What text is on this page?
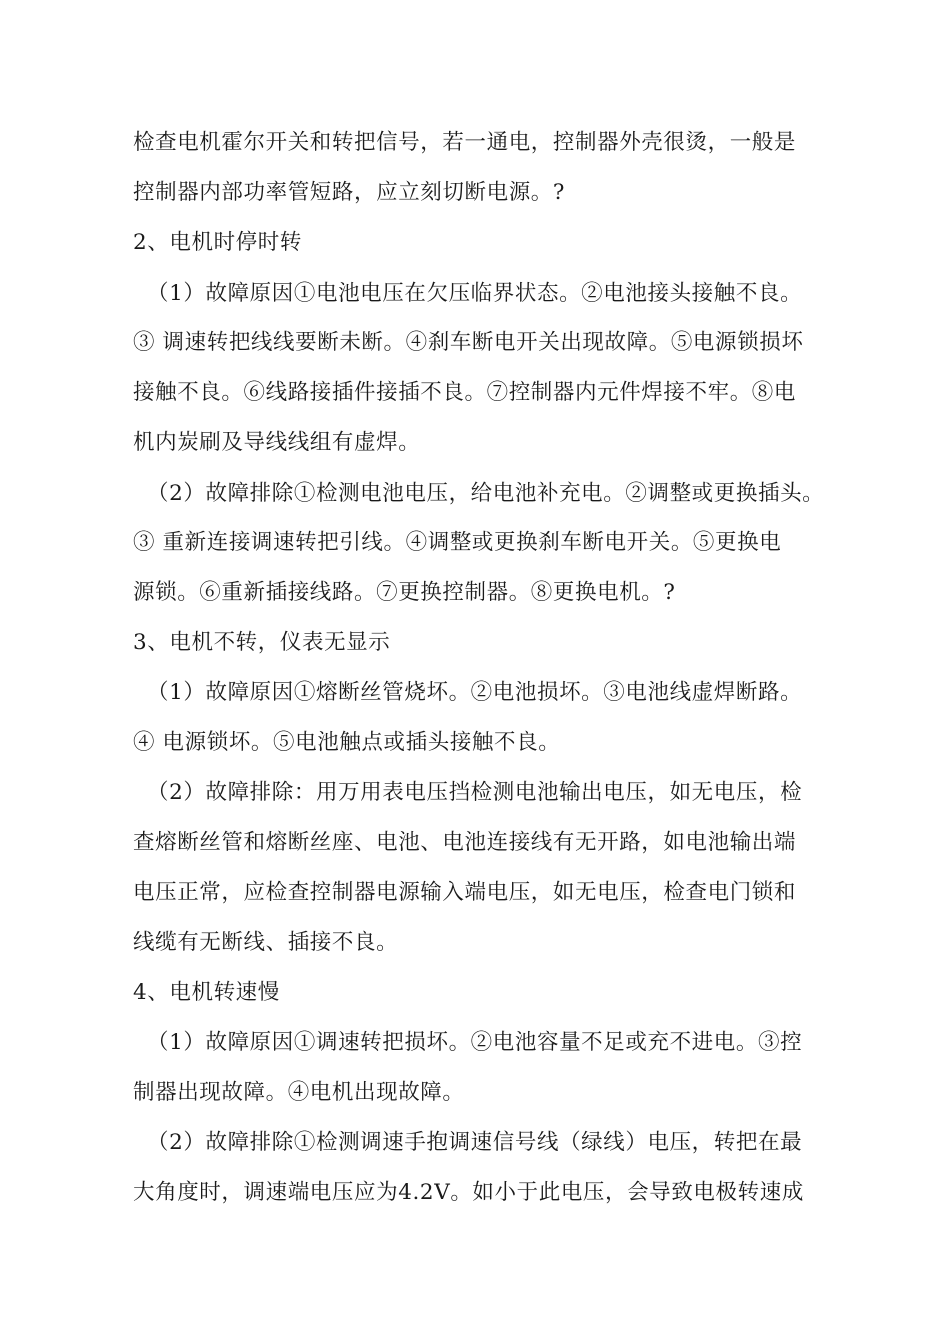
检查电机霍尔开关和转把信号，若一通电，控制器外壳很烫，一般是
控制器内部功率管短路，应立刻切断电源。?
2、电机时停时转
（1）故障原因①电池电压在欠压临界状态。②电池接头接触不良。
③ 调速转把线线要断未断。④刹车断电开关出现故障。⑤电源锁损坏
接触不良。⑥线路接插件接插不良。⑦控制器内元件焊接不牢。⑧电
机内炭刷及导线线组有虚焊。
（2）故障排除①检测电池电压，给电池补充电。②调整或更换插头。
③ 重新连接调速转把引线。④调整或更换刹车断电开关。⑤更换电
源锁。⑥重新插接线路。⑦更换控制器。⑧更换电机。?
3、电机不转，仪表无显示
（1）故障原因①熔断丝管烧坏。②电池损坏。③电池线虚焊断路。
④ 电源锁坏。⑤电池触点或插头接触不良。
（2）故障排除：用万用表电压挡检测电池输出电压，如无电压，检
查熔断丝管和熔断丝座、电池、电池连接线有无开路，如电池输出端
电压正常，应检查控制器电源输入端电压，如无电压，检查电门锁和
线缆有无断线、插接不良。
4、电机转速慢
（1）故障原因①调速转把损坏。②电池容量不足或充不进电。③控
制器出现故障。④电机出现故障。
（2）故障排除①检测调速手抱调速信号线（绿线）电压，转把在最
大角度时，调速端电压应为4.2V。如小于此电压，会导致电极转速成
